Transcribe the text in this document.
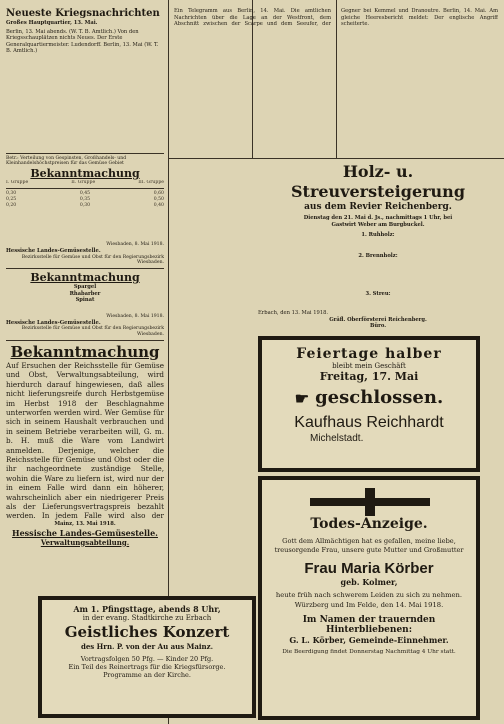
Neueste Kriegsnachrichten
Großes Hauptquartier, 13. Mai.
Berlin, 13. Mai abends. (W. T. B. Amtlich.) Von den Kriegsschauplätzen nichts Neues. Der Erste Generalquartiermeister. Ludendorff. Berlin, 13. Mai (W. T. B. Amtlich.)
Betr.: Verteilung von Gespinsten, Großhandels- und Kleinhandelshöchstpreisen für das Gemüse Gebiet
Bekanntmachung
I. Gruppe	II. Gruppe	III. Gruppe
0,30	0,45	0,60
0,25	0,35	0,50
0,20	0,30	0,40
Wiesbaden, 8. Mai 1918.
Hessische Landes-Gemüsestelle.
Bezirksstelle für Gemüse und Obst für den Regierungsbezirk Wiesbaden.
Bekanntmachung
Spargel
Rhabarber
Spinat
Wiesbaden, 8. Mai 1918.
Hessische Landes-Gemüsestelle.
Bezirksstelle für Gemüse und Obst für den Regierungsbezirk Wiesbaden.
Bekanntmachung
Auf Ersuchen der Reichsstelle für Gemüse und Obst, Verwaltungsabteilung, wird hierdurch darauf hingewiesen, daß alles nicht lieferungsreife durch Herbstgemüse im Herbst 1918 der Beschlagnahme unterworfen werden wird. Wer Gemüse für sich in seinem Haushalt verbrauchen und in seinem Betriebe verarbeiten will, G. m. b. H. muß die Ware vom Landwirt anmelden. Derjenige, welcher die Reichsstelle für Gemüse und Obst oder die ihr nachgeordnete zuständige Stelle, wohin die Ware zu liefern ist, wird nur der in einem Falle wird dann ein höherer, wahrscheinlich aber ein niedrigerer Preis als der Lieferungsvertragspreis bezahlt werden. In jedem Falle wird also der
Mainz, 13. Mai 1918.
Hessische Landes-Gemüsestelle.
Verwaltungsabteilung.
Am 1. Pfingsttage, abends 8 Uhr,
in der evang. Stadtkirche zu Erbach
Geistliches Konzert
des Hrn. P. von der Au aus Mainz.
Vortragsfolgen 50 Pfg. — Kinder 20 Pfg.
Ein Teil des Reinertrags für die Kriegsfürsorge.
Programme an der Kirche.
Ein Telegramm aus Berlin, 14. Mai. Die amtlichen Nachrichten über die Lage an der Westfront, dem Abschnitt zwischen der Scarpe und dem Seeufer, der Gegner bei Kemmel und Dranoutre. Berlin, 14. Mai. Am gleiche Heeresbericht meldet: Der englische Angriff scheiterte.
Holz- u. Streuversteigerung
aus dem Revier Reichenberg.
Dienstag den 21. Mai d. Js., nachmittags 1 Uhr, bei
Gastwirt Weber am Burgbuckel.
1. Ruhholz:
2. Brennholz:
3. Streu:
Erbach, den 13. Mai 1918.
Gräfl. Oberförsterei Reichenberg.
Büro.
Feiertage halber
bleibt mein Geschäft
Freitag, 17. Mai
☛ geschlossen.
Kaufhaus Reichhardt
Michelstadt.
Todes-Anzeige.
Gott dem Allmächtigen hat es gefallen, meine liebe, treusorgende Frau, unsere gute Mutter und Großmutter
Frau Maria Körber
geb. Kolmer,
heute früh nach schwerem Leiden zu sich zu nehmen.
Würzberg und Im Felde, den 14. Mai 1918.
Im Namen der trauernden Hinterbliebenen:
G. L. Körber, Gemeinde-Einnehmer.
Die Beerdigung findet Donnerstag Nachmittag 4 Uhr statt.
